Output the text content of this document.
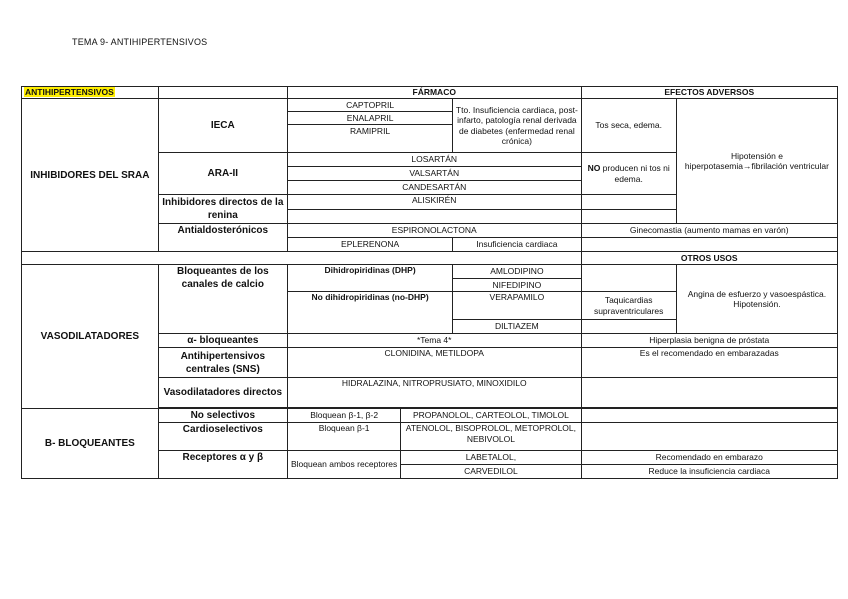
TEMA 9- ANTIHIPERTENSIVOS
ANTIHIPERTENSIVOS		FÁRMACO			EFECTOS ADVERSOS	
INHIBIDORES DEL SRAA	IECA	CAPTOPRIL		Tto. Insuficiencia cardiaca, post-infarto, patología renal derivada de diabetes (enfermedad renal crónica)	Tos seca, edema.	Hipotensión e hiperpotasemia→fibrilación ventricular
		ENALAPRIL				
		RAMIPRIL				

	ARA-II	LOSARTÁN			NO producen ni tos ni edema.	
		VALSARTÁN				
		CANDESARTÁN				
	Inhibidores directos de la renina	ALISKIRÉN				

	Antialdosterónicos	ESPIRONOLACTONA			Ginecomastia (aumento mamas en varón)	
		EPLERENONA		Insuficiencia cardiaca		
					OTROS USOS	
VASODILATADORES	Bloqueantes de los canales de calcio	Dihidropiridinas (DHP)		AMLODIPINO		Angina de esfuerzo y vasoespástica. Hipotensión.
				NIFEDIPINO		
		No dihidropiridinas (no-DHP)		VERAPAMILO	Taquicardias supraventriculares	

				DILTIAZEM		
	α- bloqueantes	*Tema 4*			Hiperplasia benigna de próstata	
	Antihipertensivos centrales (SNS)	CLONIDINA, METILDOPA			Es el recomendado en embarazadas	
	Vasodilatadores directos	HIDRALAZINA, NITROPRUSIATO, MINOXIDILO				

B- BLOQUEANTES	No selectivos	Bloquean β-1, β-2	PROPANOLOL, CARTEOLOL, TIMOLOL			
	Cardioselectivos	Bloquean β-1	ATENOLOL, BISOPROLOL, METOPROLOL, NEBIVOLOL			
	Receptores α y β	Bloquean ambos receptores	LABETALOL,		Recomendado en embarazo	
			CARVEDILOL		Reduce la insuficiencia cardiaca	
